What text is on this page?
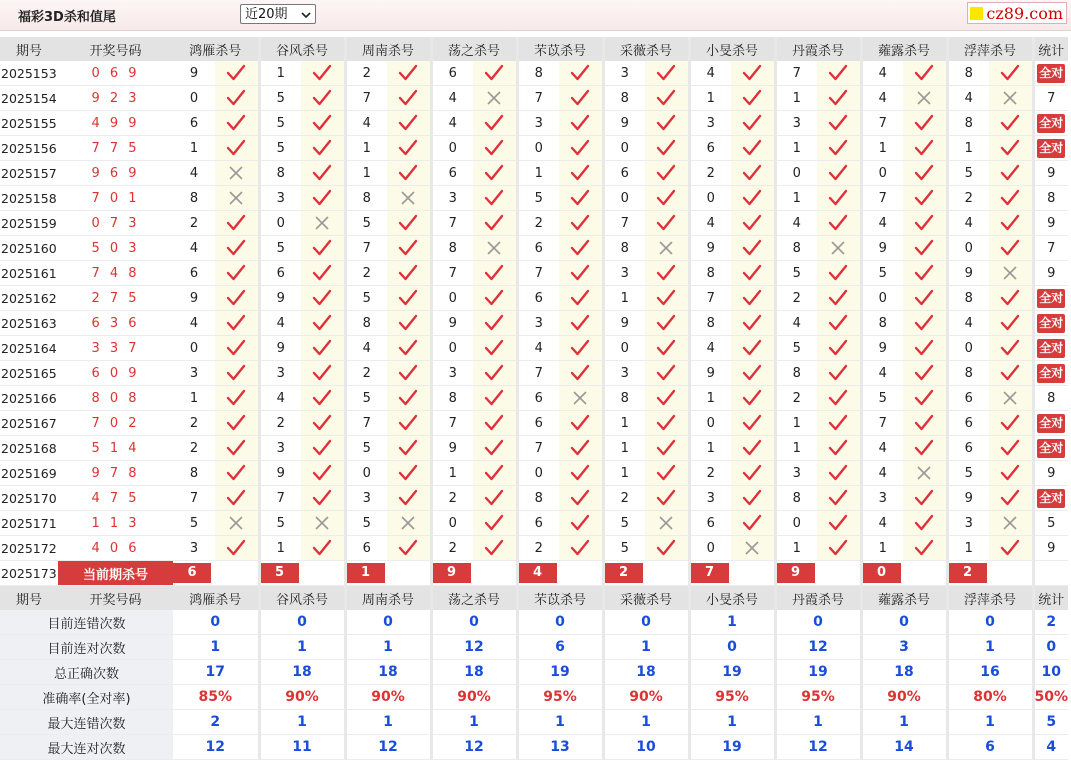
福彩3D杀和值尾	近20期	cz89.com
期号	开奖号码	鸿雁杀号		谷风杀号		周南杀号		荡之杀号		芣苡杀号		采薇杀号		小旻杀号		丹霞杀号		蕹露杀号		浮萍杀号		统计
2025153	0 6 9	9		1		2		6		8		3		4		7		4		8		全对
2025154	9 2 3	0		5		7		4		7		8		1		1		4		4		7
2025155	4 9 9	6		5		4		4		3		9		3		3		7		8		全对
2025156	7 7 5	1		5		1		0		0		0		6		1		1		1		全对
2025157	9 6 9	4		8		1		6		1		6		2		0		0		5		9
2025158	7 0 1	8		3		8		3		5		0		0		1		7		2		8
2025159	0 7 3	2		0		5		7		2		7		4		4		4		4		9
2025160	5 0 3	4		5		7		8		6		8		9		8		9		0		7
2025161	7 4 8	6		6		2		7		7		3		8		5		5		9		9
2025162	2 7 5	9		9		5		0		6		1		7		2		0		8		全对
2025163	6 3 6	4		4		8		9		3		9		8		4		8		4		全对
2025164	3 3 7	0		9		4		0		4		0		4		5		9		0		全对
2025165	6 0 9	3		3		2		3		7		3		9		8		4		8		全对
2025166	8 0 8	1		4		5		8		6		8		1		2		5		6		8
2025167	7 0 2	2		2		7		7		6		1		0		1		7		6		全对
2025168	5 1 4	2		3		5		9		7		1		1		1		4		6		全对
2025169	9 7 8	8		9		0		1		0		1		2		3		4		5		9
2025170	4 7 5	7		7		3		2		8		2		3		8		3		9		全对
2025171	1 1 3	5		5		5		0		6		5		6		0		4		3		5
2025172	4 0 6	3		1		6		2		2		5		0		1		1		1		9
2025173	当前期杀号	6		5		1		9		4		2		7		9		0		2		
期号	开奖号码	鸿雁杀号		谷风杀号		周南杀号		荡之杀号		芣苡杀号		采薇杀号		小旻杀号		丹霞杀号		蕹露杀号		浮萍杀号		统计
目前连错次数		0		0		0		0		0		0		1		0		0		0		2
目前连对次数		1		1		1		12		6		1		0		12		3		1		0
总正确次数		17		18		18		18		19		18		19		19		18		16		10
准确率(全对率)		85%		90%		90%		90%		95%		90%		95%		95%		90%		80%		50%
最大连错次数		2		1		1		1		1		1		1		1		1		1		5
最大连对次数		12		11		12		12		13		10		19		12		14		6		4
